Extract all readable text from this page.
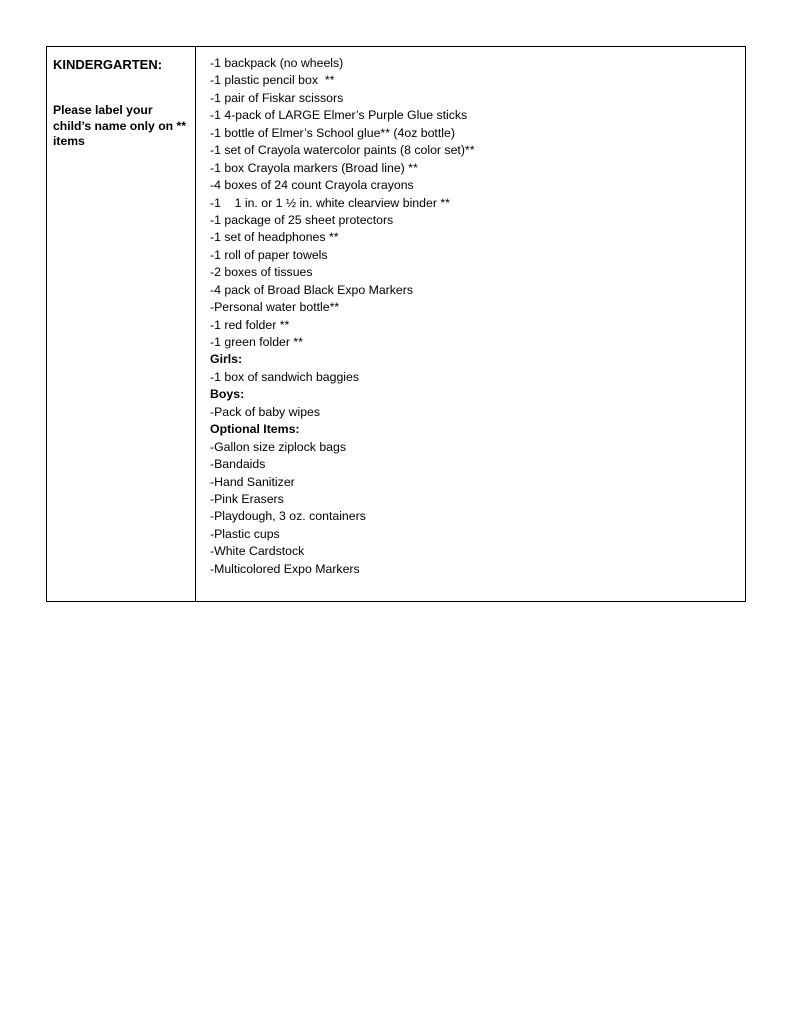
KINDERGARTEN:
Please label your child’s name only on ** items
-1 backpack (no wheels)
-1 plastic pencil box  **
-1 pair of Fiskar scissors
-1 4-pack of LARGE Elmer’s Purple Glue sticks
-1 bottle of Elmer’s School glue** (4oz bottle)
-1 set of Crayola watercolor paints (8 color set)**
-1 box Crayola markers (Broad line) **
-4 boxes of 24 count Crayola crayons
-1    1 in. or 1 ½ in. white clearview binder **
-1 package of 25 sheet protectors
-1 set of headphones **
-1 roll of paper towels
-2 boxes of tissues
-4 pack of Broad Black Expo Markers
-Personal water bottle**
-1 red folder **
-1 green folder **
Girls:
-1 box of sandwich baggies
Boys:
-Pack of baby wipes
Optional Items:
-Gallon size ziplock bags
-Bandaids
-Hand Sanitizer
-Pink Erasers
-Playdough, 3 oz. containers
-Plastic cups
-White Cardstock
-Multicolored Expo Markers
